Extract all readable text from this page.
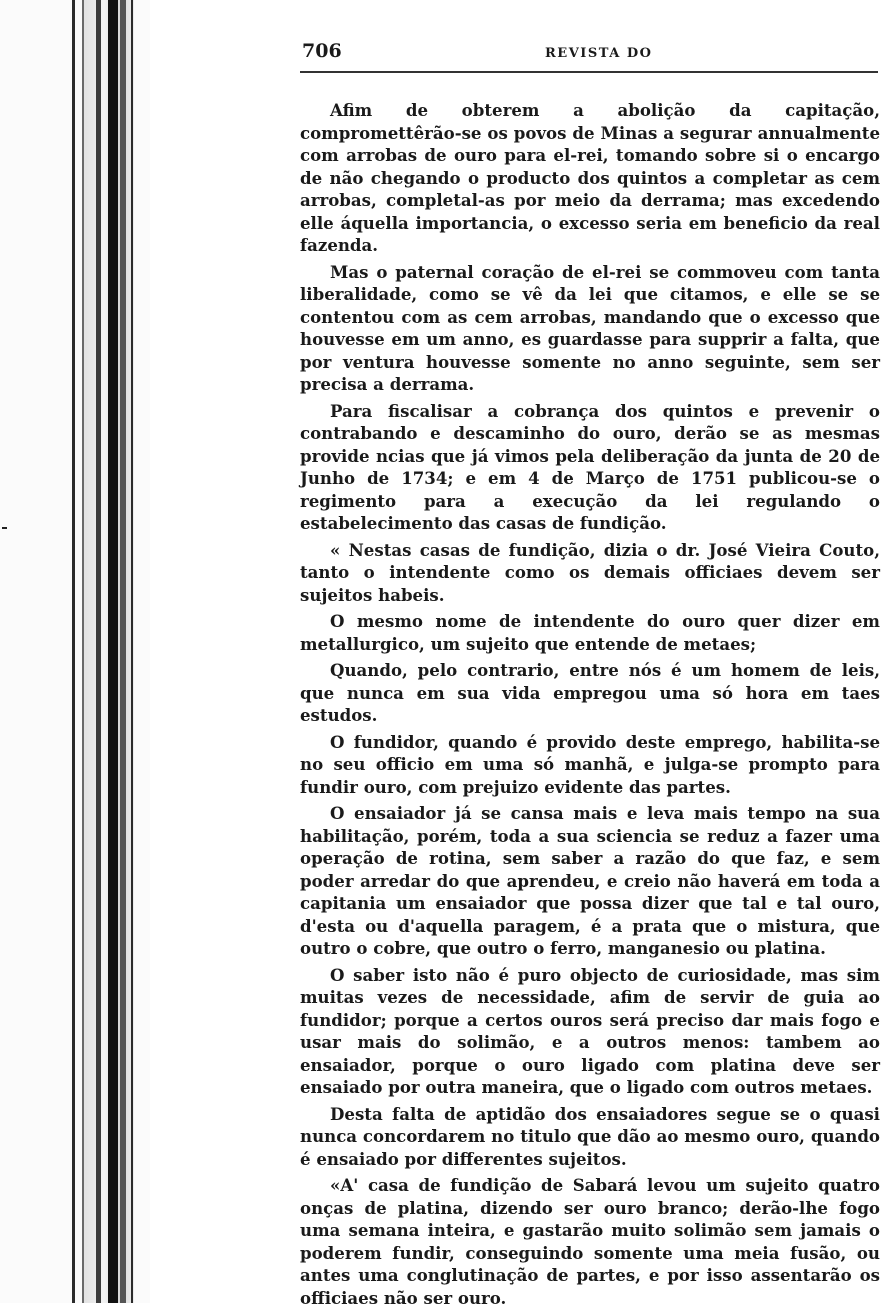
706	REVISTA DO

Afim de obterem a abolição da capitação, compromettêrão-se os povos de Minas a segurar annualmente com arrobas de ouro para el-rei, tomando sobre si o encargo de não chegando o producto dos quintos a completar as cem arrobas, completal-as por meio da derrama; mas excedendo elle áquella importancia, o excesso seria em beneficio da real fazenda.

Mas o paternal coração de el-rei se commoveu com tanta liberalidade, como se vê da lei que citamos, e elle se se contentou com as cem arrobas, mandando que o excesso que houvesse em um anno, es guardasse para supprir a falta, que por ventura houvesse somente no anno seguinte, sem ser precisa a derrama.

Para fiscalisar a cobrança dos quintos e prevenir o contrabando e descaminho do ouro, derão se as mesmas provide ncias que já vimos pela deliberação da junta de 20 de Junho de 1734; e em 4 de Março de 1751 publicou-se o regimento para a execução da lei regulando o estabelecimento das casas de fundição.

« Nestas casas de fundição, dizia o dr. José Vieira Couto, tanto o intendente como os demais officiaes devem ser sujeitos habeis.

O mesmo nome de intendente do ouro quer dizer em metallurgico, um sujeito que entende de metaes;

Quando, pelo contrario, entre nós é um homem de leis, que nunca em sua vida empregou uma só hora em taes estudos.

O fundidor, quando é provido deste emprego, habilita-se no seu officio em uma só manhã, e julga-se prompto para fundir ouro, com prejuizo evidente das partes.

O ensaiador já se cansa mais e leva mais tempo na sua habilitação, porém, toda a sua sciencia se reduz a fazer uma operação de rotina, sem saber a razão do que faz, e sem poder arredar do que aprendeu, e creio não haverá em toda a capitania um ensaiador que possa dizer que tal e tal ouro, d'esta ou d'aquella paragem, é a prata que o mistura, que outro o cobre, que outro o ferro, manganesio ou platina.

O saber isto não é puro objecto de curiosidade, mas sim muitas vezes de necessidade, afim de servir de guia ao fundidor; porque a certos ouros será preciso dar mais fogo e usar mais do solimão, e a outros menos: tambem ao ensaiador, porque o ouro ligado com platina deve ser ensaiado por outra maneira, que o ligado com outros metaes.

Desta falta de aptidão dos ensaiadores segue se o quasi nunca concordarem no titulo que dão ao mesmo ouro, quando é ensaiado por differentes sujeitos.

«A' casa de fundição de Sabará levou um sujeito quatro onças de platina, dizendo ser ouro branco; derão-lhe fogo uma semana inteira, e gastarão muito solimão sem jamais o poderem fundir, conseguindo somente uma meia fusão, ou antes uma conglutinação de partes, e por isso assentarão os officiaes não ser ouro.
